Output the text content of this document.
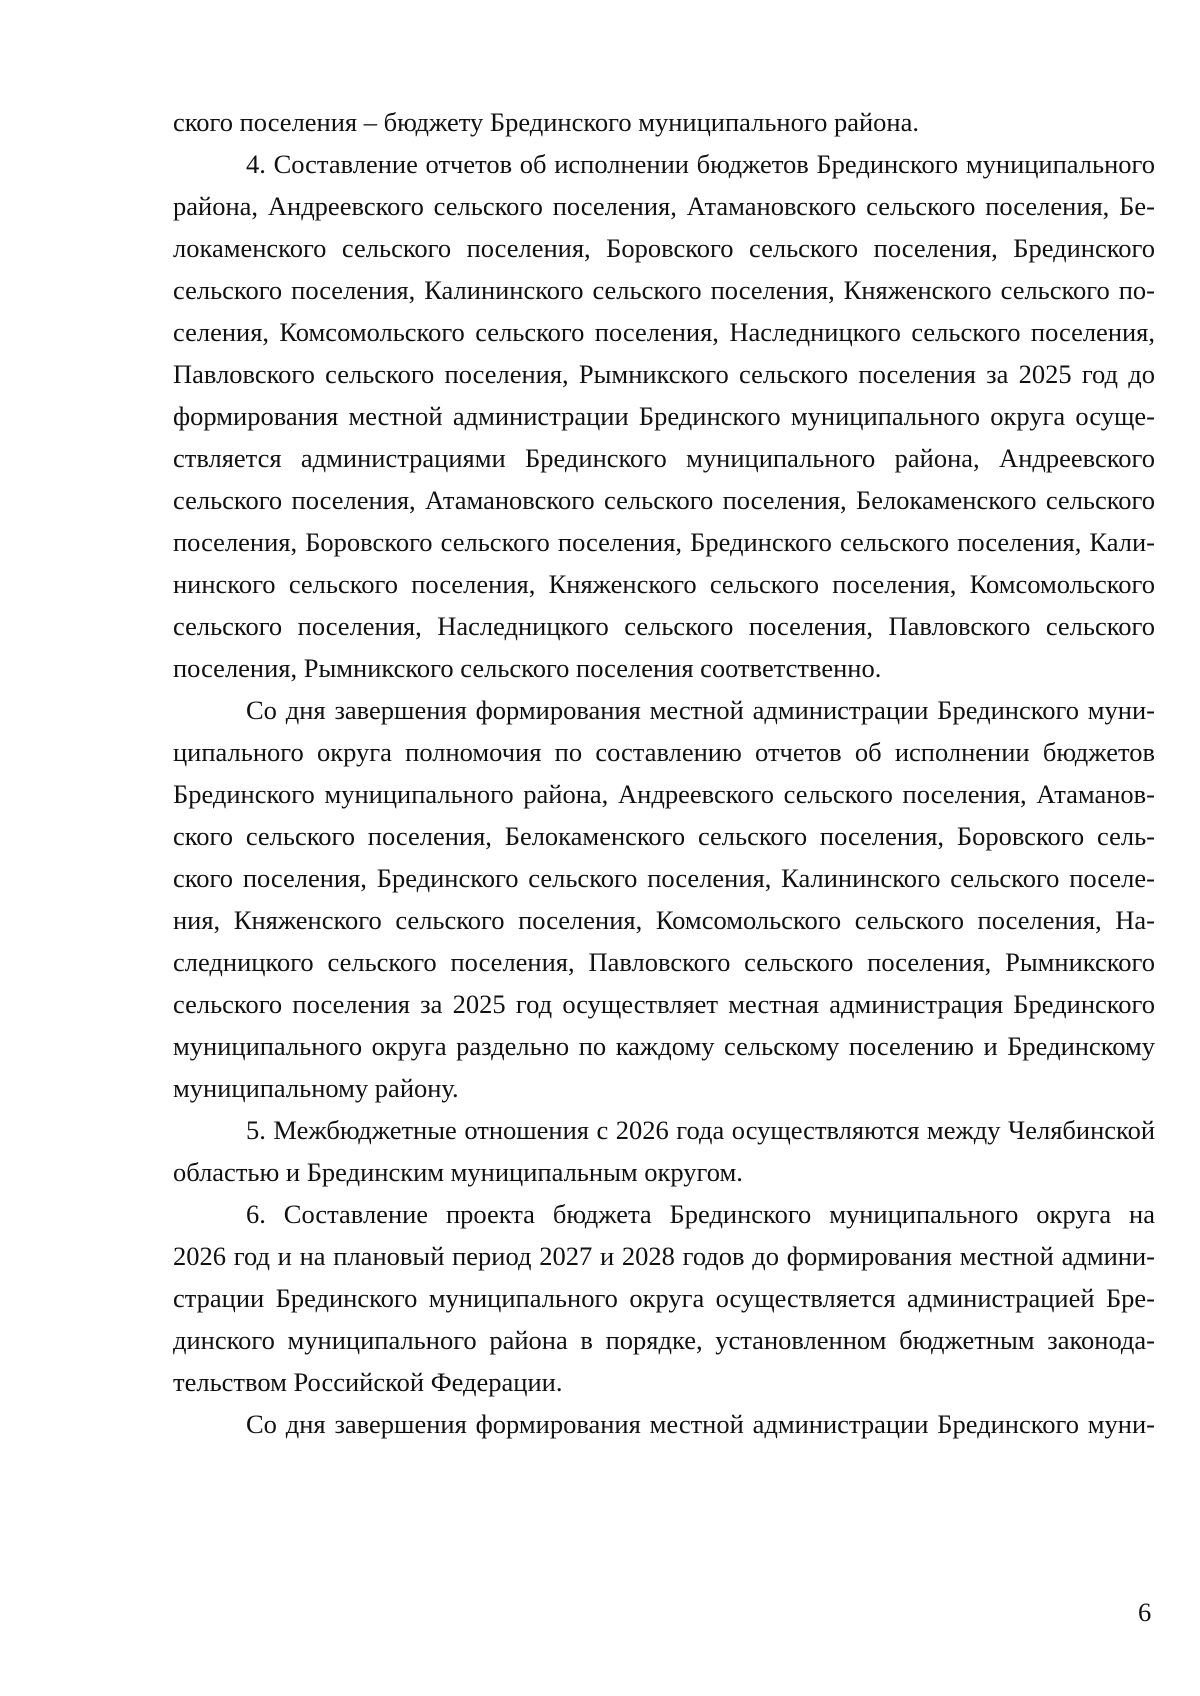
ского поселения – бюджету Брединского муниципального района.
4. Составление отчетов об исполнении бюджетов Брединского муниципального
района, Андреевского сельского поселения, Атамановского сельского поселения, Бе-
локаменского сельского поселения, Боровского сельского поселения, Брединского
сельского поселения, Калининского сельского поселения, Княженского сельского по-
селения, Комсомольского сельского поселения, Наследницкого сельского поселения,
Павловского сельского поселения, Рымникского сельского поселения за 2025 год до
формирования местной администрации Брединского муниципального округа осуще-
ствляется администрациями Брединского муниципального района, Андреевского
сельского поселения, Атамановского сельского поселения, Белокаменского сельского
поселения, Боровского сельского поселения, Брединского сельского поселения, Кали-
нинского сельского поселения, Княженского сельского поселения, Комсомольского
сельского поселения, Наследницкого сельского поселения, Павловского сельского
поселения, Рымникского сельского поселения соответственно.
Со дня завершения формирования местной администрации Брединского муни-
ципального округа полномочия по составлению отчетов об исполнении бюджетов
Брединского муниципального района, Андреевского сельского поселения, Атаманов-
ского сельского поселения, Белокаменского сельского поселения, Боровского сель-
ского поселения, Брединского сельского поселения, Калининского сельского поселе-
ния, Княженского сельского поселения, Комсомольского сельского поселения, На-
следницкого сельского поселения, Павловского сельского поселения, Рымникского
сельского поселения за 2025 год осуществляет местная администрация Брединского
муниципального округа раздельно по каждому сельскому поселению и Брединскому
муниципальному району.
5. Межбюджетные отношения с 2026 года осуществляются между Челябинской
областью и Брединским муниципальным округом.
6. Составление проекта бюджета Брединского муниципального округа на
2026 год и на плановый период 2027 и 2028 годов до формирования местной админи-
страции Брединского муниципального округа осуществляется администрацией Бре-
динского муниципального района в порядке, установленном бюджетным законода-
тельством Российской Федерации.
Со дня завершения формирования местной администрации Брединского муни-
6
